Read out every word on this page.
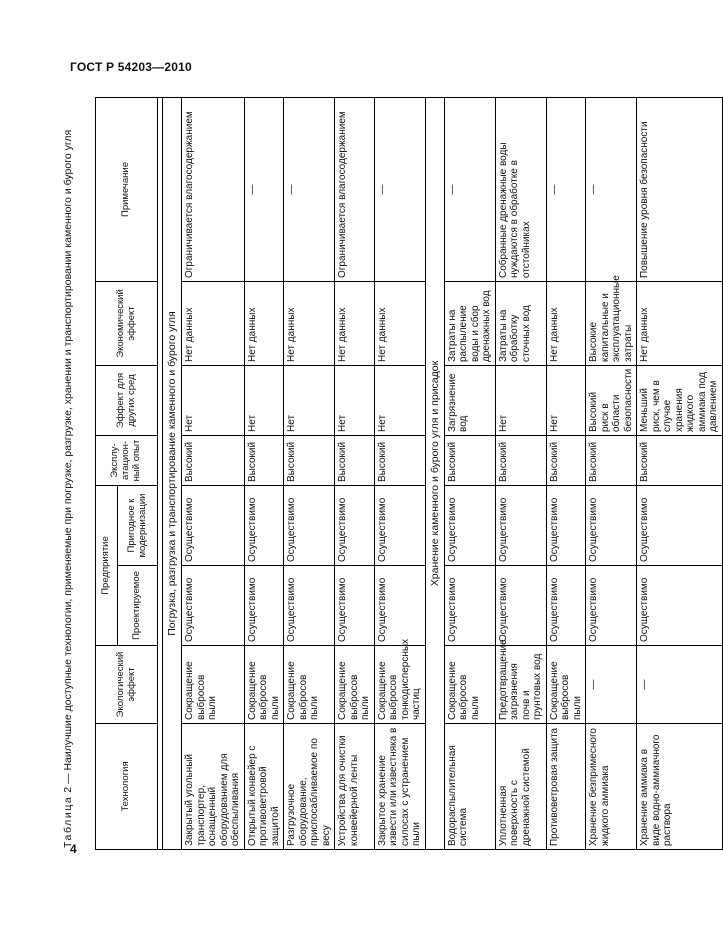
ГОСТ Р 54203—2010
4
Таблица 2 — Наилучшие доступные технологии, применяемые при погрузке, разгрузке, хранении и транспортировании каменного и бурого угля	Технология	Экологический эффект	Предприятие		Эксплу-атацион-ный опыт	Эффект для других сред	Экономический эффект	Примечание
		Проектируемое	Пригодное к модернизации				

Погрузка, разгрузка и транспортирование каменного и бурого угля							
Закрытый угольный транспортер, оснащенный оборудованием для обеспыливания	Сокращение выбросов пыли	Осуществимо	Осуществимо	Высокий	Нет	Нет данных	Ограничивается влагосодержанием
Открытый конвейер с противоветровой защитой	Сокращение выбросов пыли	Осуществимо	Осуществимо	Высокий	Нет	Нет данных	—
Разгрузочное оборудование, приспосабливаемое по весу	Сокращение выбросов пыли	Осуществимо	Осуществимо	Высокий	Нет	Нет данных	—
Устройства для очистки конвейерной ленты	Сокращение выбросов пыли	Осуществимо	Осуществимо	Высокий	Нет	Нет данных	Ограничивается влагосодержанием
Закрытое хранение извести или известняка в силосах с устранением пыли	Сокращение выбросов тонкодисперсных частиц	Осуществимо	Осуществимо	Высокий	Нет	Нет данных	—
Хранение каменного и бурого угля и присадок							
Водораспылительная система	Сокращение выбросов пыли	Осуществимо	Осуществимо	Высокий	Загрязнение вод	Затраты на распыление воды и сбор дренажных вод	—
Уплотненная поверхность с дренажной системой	Предотвращение загрязнения почв и грунтовых вод	Осуществимо	Осуществимо	Высокий	Нет	Затраты на обработку сточных вод	Собранные дренажные воды нуждаются в обработке в отстойниках
Противоветровая защита	Сокращение выбросов пыли	Осуществимо	Осуществимо	Высокий	Нет	Нет данных	—
Хранение безпримесного жидкого аммиака	—	Осуществимо	Осуществимо	Высокий	Высокий риск в области безопасности	Высокие капитальные и эксплуатационные затраты	—
Хранение аммиака в виде водно-аммиачного раствора	—	Осуществимо	Осуществимо	Высокий	Меньший риск, чем в случае хранения жидкого аммиака под давлением	Нет данных	Повышение уровня безопасности
